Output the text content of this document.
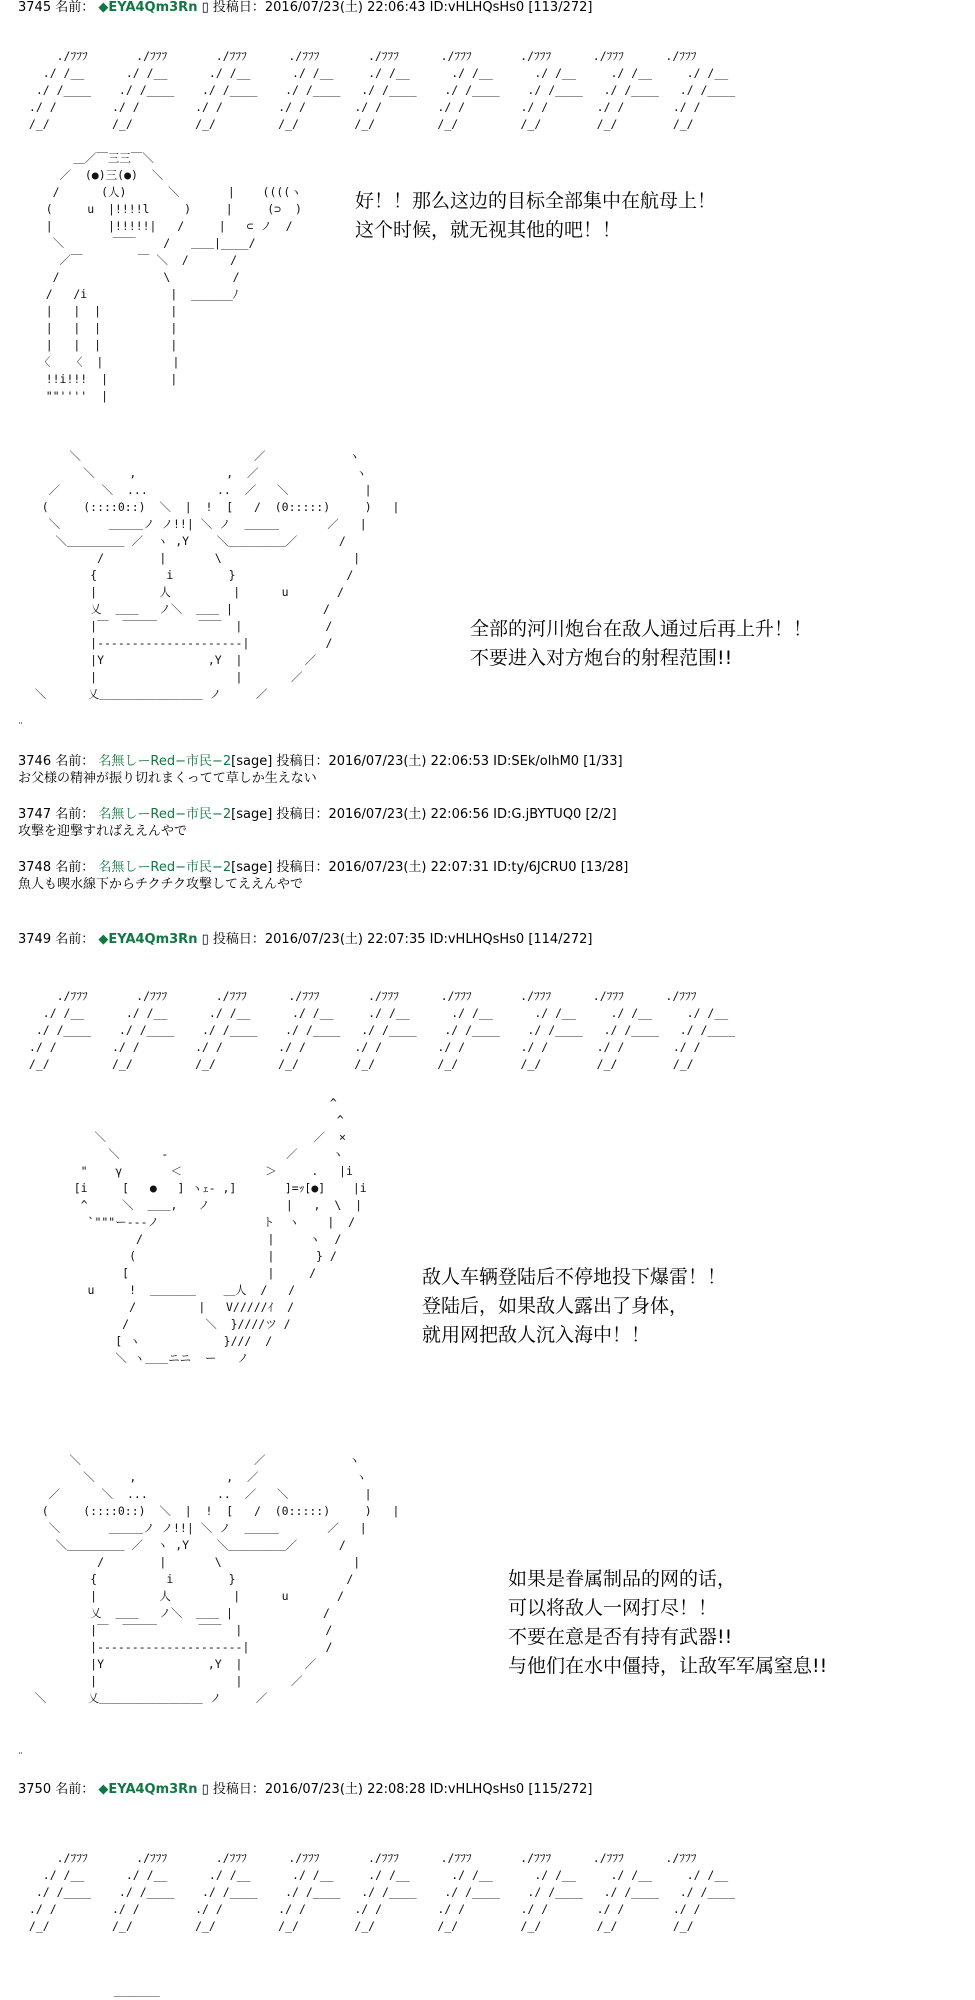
3745 名前： ◆EYA4Qm3Rn ▯ 投稿日：2016/07/23(土) 22:06:43 ID:vHLHQsHs0 [113/272]
./ﾌﾌﾌ       ./ﾌﾌﾌ       ./ﾌﾌﾌ      ./ﾌﾌﾌ       ./ﾌﾌﾌ      ./ﾌﾌﾌ       ./ﾌﾌﾌ      ./ﾌﾌﾌ      ./ﾌﾌﾌ
./ /__      ./ /__      ./ /__      ./ /__     ./ /__      ./ /__      ./ /__     ./ /__     ./ /__
./ /____    ./ /____    ./ /____    ./ /____   ./ /____    ./ /____    ./ /____   ./ /____   ./ /____
./ /        ./ /        ./ /        ./ /       ./ /        ./ /        ./ /       ./ /       ./ /
/_/         /_/         /_/         /_/        /_/         /_/         /_/        /_/        /_/
＿／￣三三￣＼
／  (●)三(●)  ＼
/      (人)      ＼       |    ((((ヽ
(     u  |!!!!l     )     |     (⊃  )
|        |!!!!!|   /     |   ⊂ ノ  /
＼       ￣￣    /   ＿＿|____/
／￣        ￣ ＼  /      /
/               \         /
/   /i            |  ______ﾉ
|   |  |          |
|   |  |          |
|   |  |          |
〈   〈  |          |
!!i!!!  |         |
""''''  |
好！！那么这边的目标全部集中在航母上！
这个时候，就无视其他的吧！！
＼                         ／            ヽ
＼     ,             ,  ／              ヽ
／      ＼  ...          ..  ／   ＼           |
(     (::::0::)  ＼  |  !  [   /  (0:::::)     )   |
＼       ＿＿＿ノ ノ!!| ＼ ノ  ＿＿＿       ／   |
＼＿＿＿＿＿ ／  ヽ ,Y    ＼＿＿＿＿＿／      /
/        |       \                   |
{          i        }                /
|         人         |      u       /
乂  ＿＿   ノ＼  ＿＿ |             /
|￣  ￣￣￣      ￣￣  |            /
|‐‐‐‐‐‐‐‐‐‐‐‐‐‐‐‐‐‐‐‐‐|           /
|Y               ,Y  |         ／
|                    |       ／
＼      乂＿＿＿＿＿＿＿＿＿ ノ     ／
全部的河川炮台在敌人通过后再上升！！
不要进入对方炮台的射程范围!!
¨
3746 名前： 名無しーRed−市民−2[sage] 投稿日：2016/07/23(土) 22:06:53 ID:SEk/olhM0 [1/33]
お父様の精神が振り切れまくってて草しか生えない
3747 名前： 名無しーRed−市民−2[sage] 投稿日：2016/07/23(土) 22:06:56 ID:G.jBYTUQ0 [2/2]
攻撃を迎撃すればええんやで
3748 名前： 名無しーRed−市民−2[sage] 投稿日：2016/07/23(土) 22:07:31 ID:ty/6JCRU0 [13/28]
魚人も喫水線下からチクチク攻撃してええんやで
3749 名前： ◆EYA4Qm3Rn ▯ 投稿日：2016/07/23(土) 22:07:35 ID:vHLHQsHs0 [114/272]
./ﾌﾌﾌ       ./ﾌﾌﾌ       ./ﾌﾌﾌ      ./ﾌﾌﾌ       ./ﾌﾌﾌ      ./ﾌﾌﾌ       ./ﾌﾌﾌ      ./ﾌﾌﾌ      ./ﾌﾌﾌ
./ /__      ./ /__      ./ /__      ./ /__     ./ /__      ./ /__      ./ /__     ./ /__     ./ /__
./ /____    ./ /____    ./ /____    ./ /____   ./ /____    ./ /____    ./ /____   ./ /____   ./ /____
./ /        ./ /        ./ /        ./ /       ./ /        ./ /        ./ /       ./ /       ./ /
/_/         /_/         /_/         /_/        /_/         /_/         /_/        /_/        /_/
^
^
＼                              ／  ×
＼      -                 ／     ヽ
"    γ       ＜            ＞     .   |i
[i     [   ●   ] ヽｪ- ,]       ]=ｯ[●]    |i
^     ＼  ＿＿,   ノ           |   ,  \  |
`"""ー‐‐‐ノ               ト  ヽ    |  /
/                  |     ヽ  /
(                   |      } /
[                    |     /
u     !  ＿＿＿＿    ＿人  /   /
/         |   V/////ｲ  /
/           ＼  }////ツ /
[ ヽ            }///  /
＼ ヽ＿＿ニニ  ー   ノ
敌人车辆登陆后不停地投下爆雷！！
登陆后，如果敌人露出了身体，
就用网把敌人沉入海中！！
＼                         ／            ヽ
＼     ,             ,  ／              ヽ
／      ＼  ...          ..  ／   ＼           |
(     (::::0::)  ＼  |  !  [   /  (0:::::)     )   |
＼       ＿＿＿ノ ノ!!| ＼ ノ  ＿＿＿       ／   |
＼＿＿＿＿＿ ／  ヽ ,Y    ＼＿＿＿＿＿／      /
/        |       \                   |
{          i        }                /
|         人         |      u       /
乂  ＿＿   ノ＼  ＿＿ |             /
|￣  ￣￣￣      ￣￣  |            /
|‐‐‐‐‐‐‐‐‐‐‐‐‐‐‐‐‐‐‐‐‐|           /
|Y               ,Y  |         ／
|                    |       ／
＼      乂＿＿＿＿＿＿＿＿＿ ノ     ／
如果是眷属制品的网的话，
可以将敌人一网打尽！！
不要在意是否有持有武器!!
与他们在水中僵持，让敌军军属窒息!!
¨
3750 名前： ◆EYA4Qm3Rn ▯ 投稿日：2016/07/23(土) 22:08:28 ID:vHLHQsHs0 [115/272]
./ﾌﾌﾌ       ./ﾌﾌﾌ       ./ﾌﾌﾌ      ./ﾌﾌﾌ       ./ﾌﾌﾌ      ./ﾌﾌﾌ       ./ﾌﾌﾌ      ./ﾌﾌﾌ      ./ﾌﾌﾌ
./ /__      ./ /__      ./ /__      ./ /__     ./ /__      ./ /__      ./ /__     ./ /__     ./ /__
./ /____    ./ /____    ./ /____    ./ /____   ./ /____    ./ /____    ./ /____   ./ /____   ./ /____
./ /        ./ /        ./ /        ./ /       ./ /        ./ /        ./ /       ./ /       ./ /
/_/         /_/         /_/         /_/        /_/         /_/         /_/        /_/        /_/
＿＿＿＿
